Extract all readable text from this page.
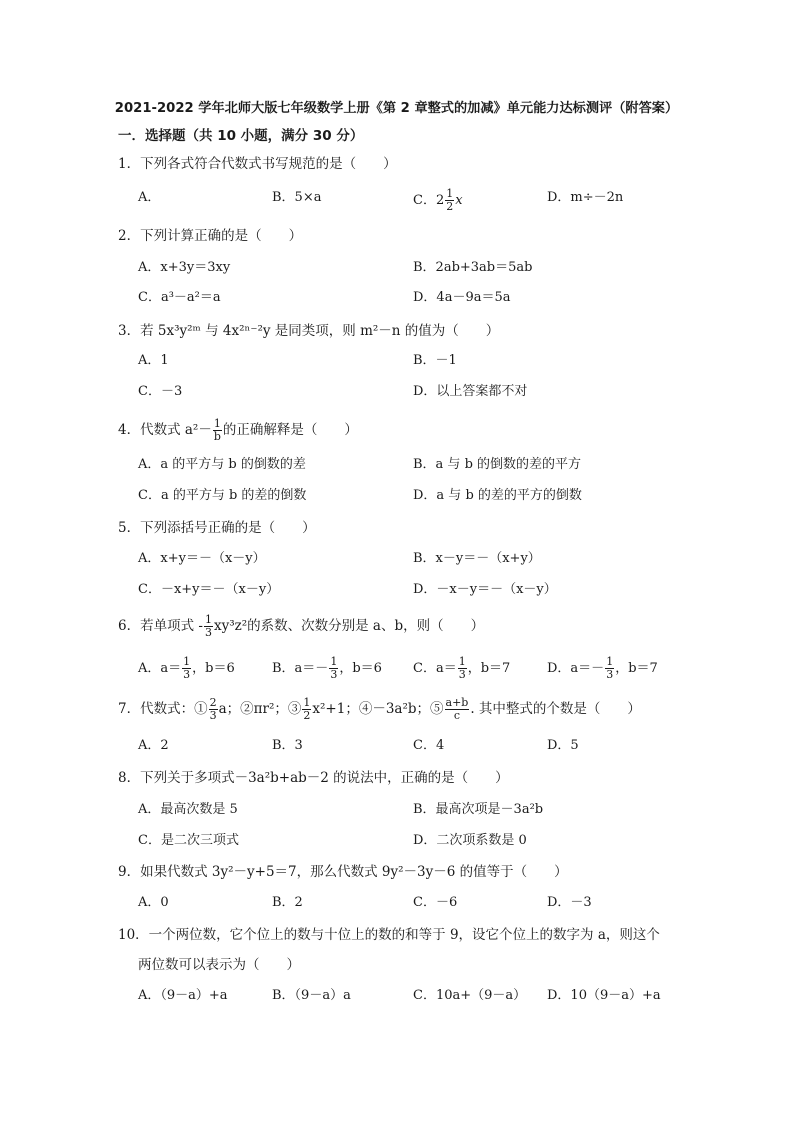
2021-2022 学年北师大版七年级数学上册《第 2 章整式的加减》单元能力达标测评（附答案）
一．选择题（共 10 小题，满分 30 分）
1．下列各式符合代数式书写规范的是（　　）
A．	B．5×a	C．$2 \frac{1}{2}$ x	D．m÷－2n
2．下列计算正确的是（　　）
A．x+3y＝3xy	B．2ab+3ab＝5ab
C．a³－a²＝a	D．4a－9a＝5a
3．若 5x³y²ᵐ 与 4x²ⁿ⁻²y 是同类项，则 m²－n 的值为（　　）
A．1	B．－1
C．－3	D．以上答案都不对
4．代数式 $a^2- \frac{1}{b}$ 的正确解释是（　　）
A．a 的平方与 b 的倒数的差	B．a 与 b 的倒数的差的平方
C．a 的平方与 b 的差的倒数	D．a 与 b 的差的平方的倒数
5．下列添括号正确的是（　　）
A．x+y＝－（x－y）	B．x－y＝－（x+y）
C．－x+y＝－（x－y）	D．－x－y＝－（x－y）
6．若单项式 - $\frac{1}{3} xy^3z^2$的系数、次数分别是 a、b，则（　　）
A．$a= \frac{1}{3}$ ，b＝6	B．$a=- \frac{1}{3}$ ，b＝6 C．$a= \frac{1}{3}$ ，b＝7	D．$a=- \frac{1}{3}$ ，b＝7
7．代数式：① $\frac{2}{3}$ a；②πr²；③ $\frac{1}{2} x^2+1$；④－3a²b；⑤ $\frac{a+b}{c}$ . 其中整式的个数是（　　）
A．2	B．3	C．4	D．5
8．下列关于多项式－3a²b+ab－2 的说法中，正确的是（　　）
A．最高次数是 5	B．最高次项是－3a²b
C．是二次三项式	D．二次项系数是 0
9．如果代数式 3y²－y+5＝7，那么代数式 9y²－3y－6 的值等于（　　）
A．0	B．2	C．－6	D．－3
10．一个两位数，它个位上的数与十位上的数的和等于 9，设它个位上的数字为 a，则这个
两位数可以表示为（　　）
A．（9－a）+a	B．（9－a）a	C．10a+（9－a） D．10（9－a）+a
